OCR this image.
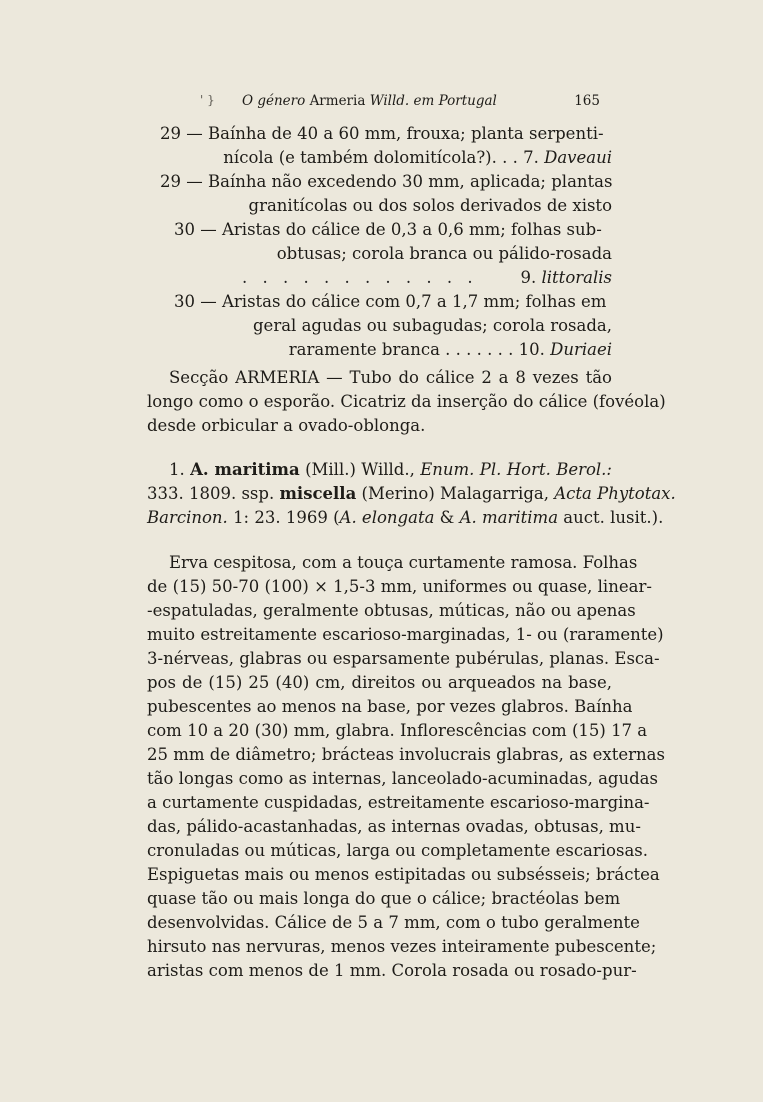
' } O género Armeria Willd. em Portugal	165
29 — Baínha de 40 a 60 mm, frouxa; planta serpenti-
nícola (e também dolomitícola?). . . 7.
Daveaui
29 — Baínha não excedendo 30 mm, aplicada; plantas
granitícolas ou dos solos derivados de xisto
30 — Aristas do cálice de 0,3 a 0,6 mm; folhas sub-
obtusas; corola branca ou pálido-rosada
. . . . . . . . . . . .	9.
littoralis
30 — Aristas do cálice com 0,7 a 1,7 mm; folhas em
geral agudas ou subagudas; corola rosada,
raramente branca . . . . . . . 10.
Duriaei
Secção ARMERIA — Tubo do cálice 2 a 8 vezes tão
longo como o esporão. Cicatriz da inserção do cálice (fovéola)
desde orbicular a ovado-oblonga.
1. A. maritima (Mill.) Willd., Enum. Pl. Hort. Berol.:
333. 1809. ssp. miscella (Merino) Malagarriga, Acta Phytotax.
Barcinon. 1: 23. 1969 (A. elongata & A. maritima auct. lusit.).
Erva cespitosa, com a touça curtamente ramosa. Folhas
de (15) 50-70 (100) × 1,5-3 mm, uniformes ou quase, linear-
-espatuladas, geralmente obtusas, múticas, não ou apenas
muito estreitamente escarioso-marginadas, 1- ou (raramente)
3-nérveas, glabras ou esparsamente pubérulas, planas. Esca-
pos de (15) 25 (40) cm, direitos ou arqueados na base,
pubescentes ao menos na base, por vezes glabros. Baínha
com 10 a 20 (30) mm, glabra. Inflorescências com (15) 17 a
25 mm de diâmetro; brácteas involucrais glabras, as externas
tão longas como as internas, lanceolado-acuminadas, agudas
a curtamente cuspidadas, estreitamente escarioso-margina-
das, pálido-acastanhadas, as internas ovadas, obtusas, mu-
cronuladas ou múticas, larga ou completamente escariosas.
Espiguetas mais ou menos estipitadas ou subsésseis; bráctea
quase tão ou mais longa do que o cálice; bractéolas bem
desenvolvidas. Cálice de 5 a 7 mm, com o tubo geralmente
hirsuto nas nervuras, menos vezes inteiramente pubescente;
aristas com menos de 1 mm. Corola rosada ou rosado-pur-
